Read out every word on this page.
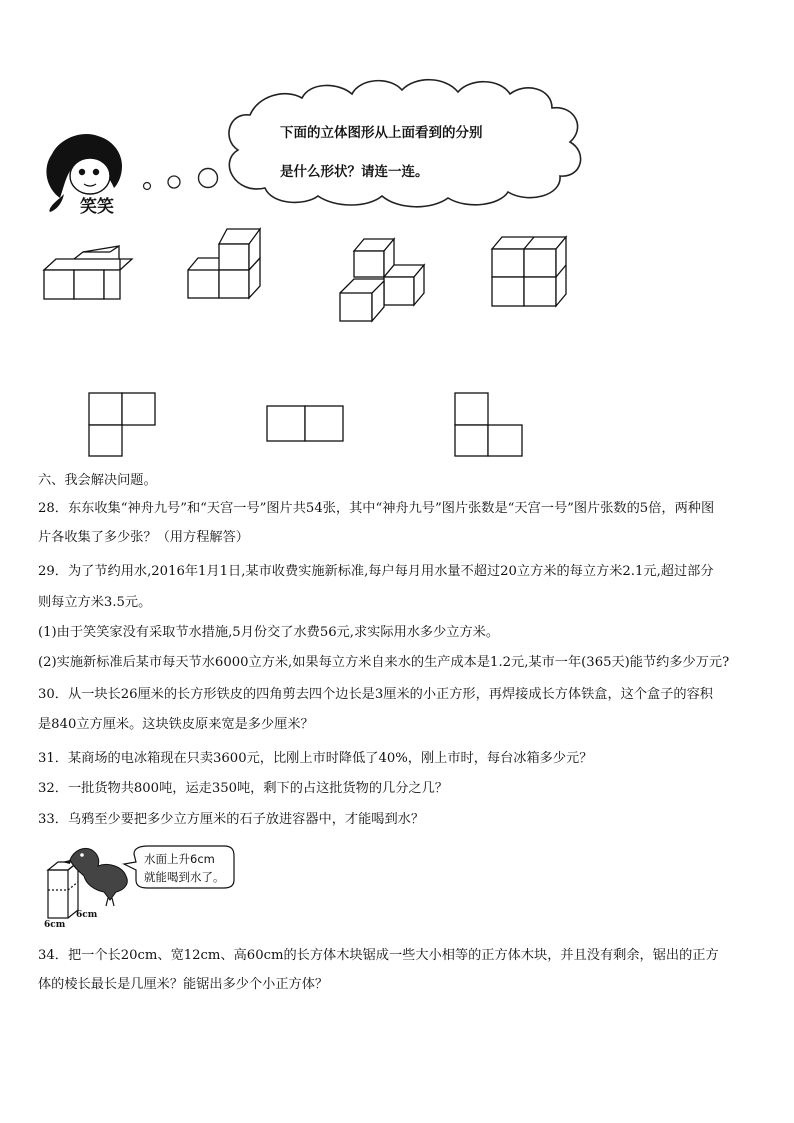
下面的立体图形从上面看到的分别
是什么形状？请连一连。
笑笑
六、我会解决问题。
28．东东收集“神舟九号”和“天宫一号”图片共54张，其中“神舟九号”图片张数是“天宫一号”图片张数的5倍，两种图
片各收集了多少张？（用方程解答）
29．为了节约用水,2016年1月1日,某市收费实施新标准,每户每月用水量不超过20立方米的每立方米2.1元,超过部分
则每立方米3.5元。
(1)由于笑笑家没有采取节水措施,5月份交了水费56元,求实际用水多少立方米。
(2)实施新标准后某市每天节水6000立方米,如果每立方米自来水的生产成本是1.2元,某市一年(365天)能节约多少万元?
30．从一块长26厘米的长方形铁皮的四角剪去四个边长是3厘米的小正方形，再焊接成长方体铁盒，这个盒子的容积
是840立方厘米。这块铁皮原来宽是多少厘米？
31．某商场的电冰箱现在只卖3600元，比刚上市时降低了40%，刚上市时，每台冰箱多少元？
32．一批货物共800吨，运走350吨，剩下的占这批货物的几分之几？
33．乌鸦至少要把多少立方厘米的石子放进容器中，才能喝到水？
水面上升6cm
就能喝到水了。
6cm
6cm
34．把一个长20cm、宽12cm、高60cm的长方体木块锯成一些大小相等的正方体木块，并且没有剩余，锯出的正方
体的棱长最长是几厘米？能锯出多少个小正方体？
